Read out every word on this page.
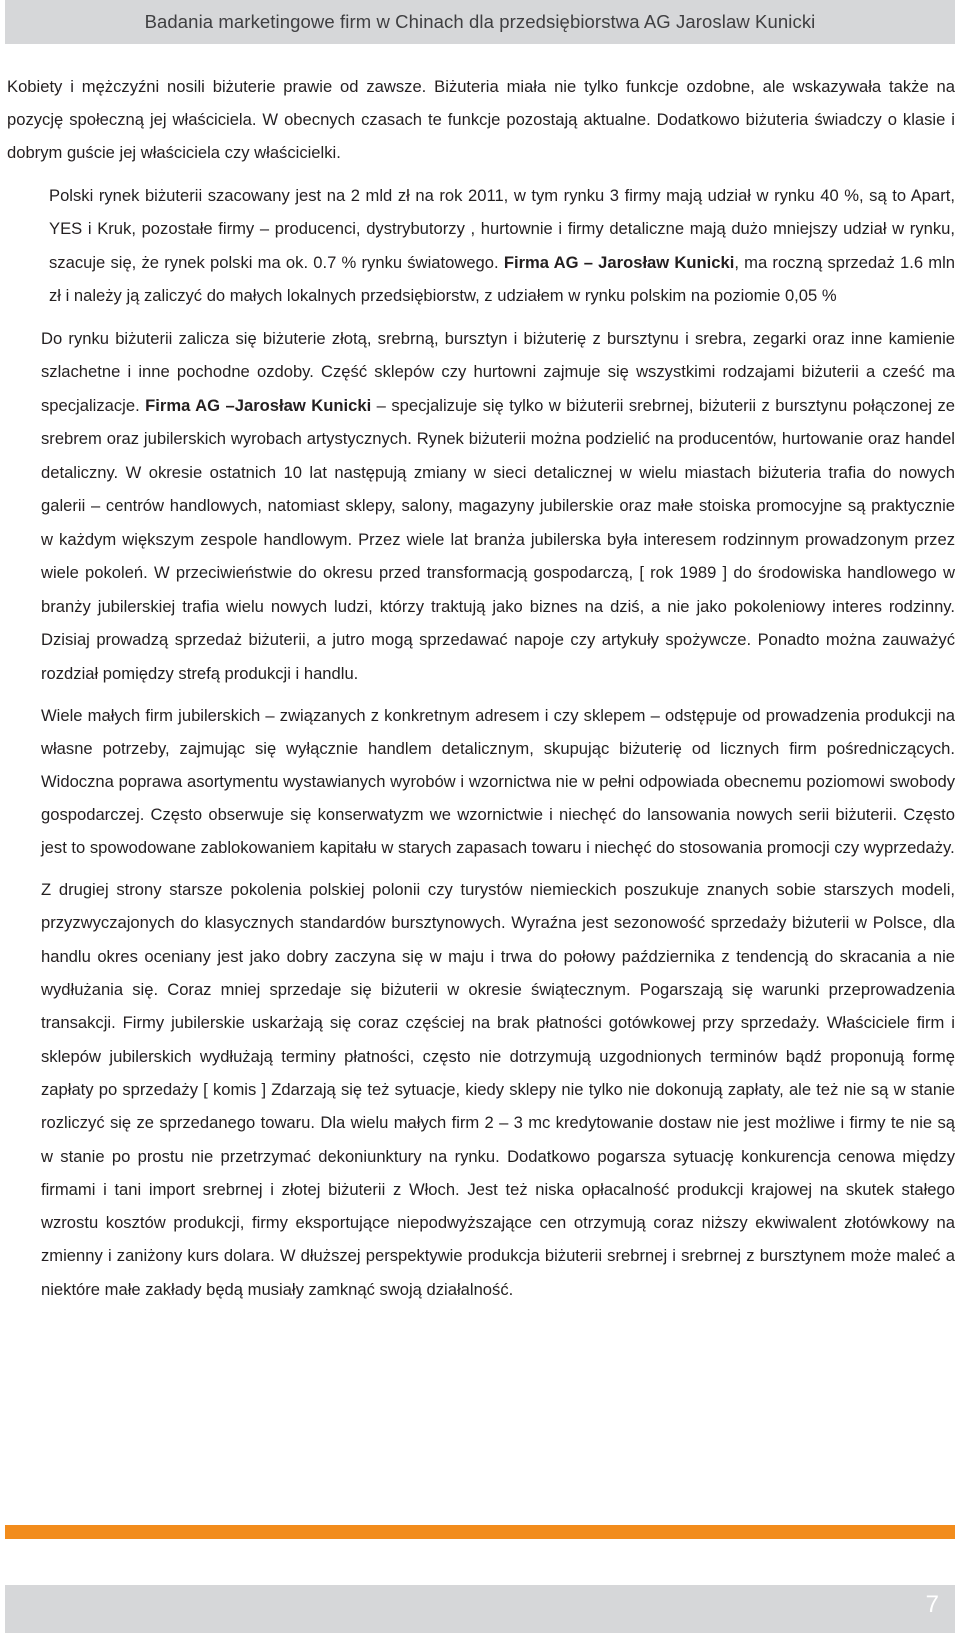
Badania marketingowe firm w Chinach dla przedsiębiorstwa AG Jaroslaw Kunicki

Kobiety i mężczyźni nosili biżuterie prawie od zawsze. Biżuteria miała nie tylko funkcje ozdobne, ale wskazywała także na pozycję społeczną jej właściciela. W obecnych czasach te funkcje pozostają aktualne. Dodatkowo biżuteria świadczy o klasie i dobrym guście jej właściciela czy właścicielki.

Polski rynek biżuterii szacowany jest na 2 mld zł na rok 2011, w tym rynku 3 firmy mają udział w rynku 40 %, są to Apart, YES i Kruk, pozostałe firmy – producenci, dystrybutorzy , hurtownie i firmy detaliczne mają dużo mniejszy udział w rynku, szacuje się, że rynek polski ma ok. 0.7 % rynku światowego. Firma AG – Jarosław Kunicki, ma roczną sprzedaż 1.6 mln zł i należy ją zaliczyć do małych lokalnych przedsiębiorstw, z udziałem w rynku polskim na poziomie 0,05 %

Do rynku biżuterii zalicza się biżuterie złotą, srebrną, bursztyn i biżuterię z bursztynu i srebra, zegarki oraz inne kamienie szlachetne i inne pochodne ozdoby. Część sklepów czy hurtowni zajmuje się wszystkimi rodzajami biżuterii a cześć ma specjalizacje. Firma AG –Jarosław Kunicki – specjalizuje się tylko w biżuterii srebrnej, biżuterii z bursztynu połączonej ze srebrem oraz jubilerskich wyrobach artystycznych. Rynek biżuterii można podzielić na producentów, hurtowanie oraz handel detaliczny. W okresie ostatnich 10 lat następują zmiany w sieci detalicznej w wielu miastach biżuteria trafia do nowych galerii – centrów handlowych, natomiast sklepy, salony, magazyny jubilerskie oraz małe stoiska promocyjne są praktycznie w każdym większym zespole handlowym. Przez wiele lat branża jubilerska była interesem rodzinnym prowadzonym przez wiele pokoleń. W przeciwieństwie do okresu przed transformacją gospodarczą, [ rok 1989 ] do środowiska handlowego w branży jubilerskiej trafia wielu nowych ludzi, którzy traktują jako biznes na dziś, a nie jako pokoleniowy interes rodzinny. Dzisiaj prowadzą sprzedaż biżuterii, a jutro mogą sprzedawać napoje czy artykuły spożywcze. Ponadto można zauważyć rozdział pomiędzy strefą produkcji i handlu.

Wiele małych firm jubilerskich – związanych z konkretnym adresem i czy sklepem – odstępuje od prowadzenia produkcji na własne potrzeby, zajmując się wyłącznie handlem detalicznym, skupując biżuterię od licznych firm pośredniczących. Widoczna poprawa asortymentu wystawianych wyrobów i wzornictwa nie w pełni odpowiada obecnemu poziomowi swobody gospodarczej. Często obserwuje się konserwatyzm we wzornictwie i niechęć do lansowania nowych serii biżuterii. Często jest to spowodowane zablokowaniem kapitału w starych zapasach towaru i niechęć do stosowania promocji czy wyprzedaży.

Z drugiej strony starsze pokolenia polskiej polonii czy turystów niemieckich poszukuje znanych sobie starszych modeli, przyzwyczajonych do klasycznych standardów bursztynowych. Wyraźna jest sezonowość sprzedaży biżuterii w Polsce, dla handlu okres oceniany jest jako dobry zaczyna się w maju i trwa do połowy października z tendencją do skracania a nie wydłużania się. Coraz mniej sprzedaje się biżuterii w okresie świątecznym. Pogarszają się warunki przeprowadzenia transakcji. Firmy jubilerskie uskarżają się coraz częściej na brak płatności gotówkowej przy sprzedaży. Właściciele firm i sklepów jubilerskich wydłużają terminy płatności, często nie dotrzymują uzgodnionych terminów bądź proponują formę zapłaty po sprzedaży [ komis ] Zdarzają się też sytuacje, kiedy sklepy nie tylko nie dokonują zapłaty, ale też nie są w stanie rozliczyć się ze sprzedanego towaru. Dla wielu małych firm 2 – 3 mc kredytowanie dostaw nie jest możliwe i firmy te nie są w stanie po prostu nie przetrzymać dekoniunktury na rynku. Dodatkowo pogarsza sytuację konkurencja cenowa między firmami i tani import srebrnej i złotej biżuterii z Włoch. Jest też niska opłacalność produkcji krajowej na skutek stałego wzrostu kosztów produkcji, firmy eksportujące niepodwyższające cen otrzymują coraz niższy ekwiwalent złotówkowy na zmienny i zaniżony kurs dolara. W dłuższej perspektywie produkcja biżuterii srebrnej i srebrnej z bursztynem może maleć a niektóre małe zakłady będą musiały zamknąć swoją działalność.

7
